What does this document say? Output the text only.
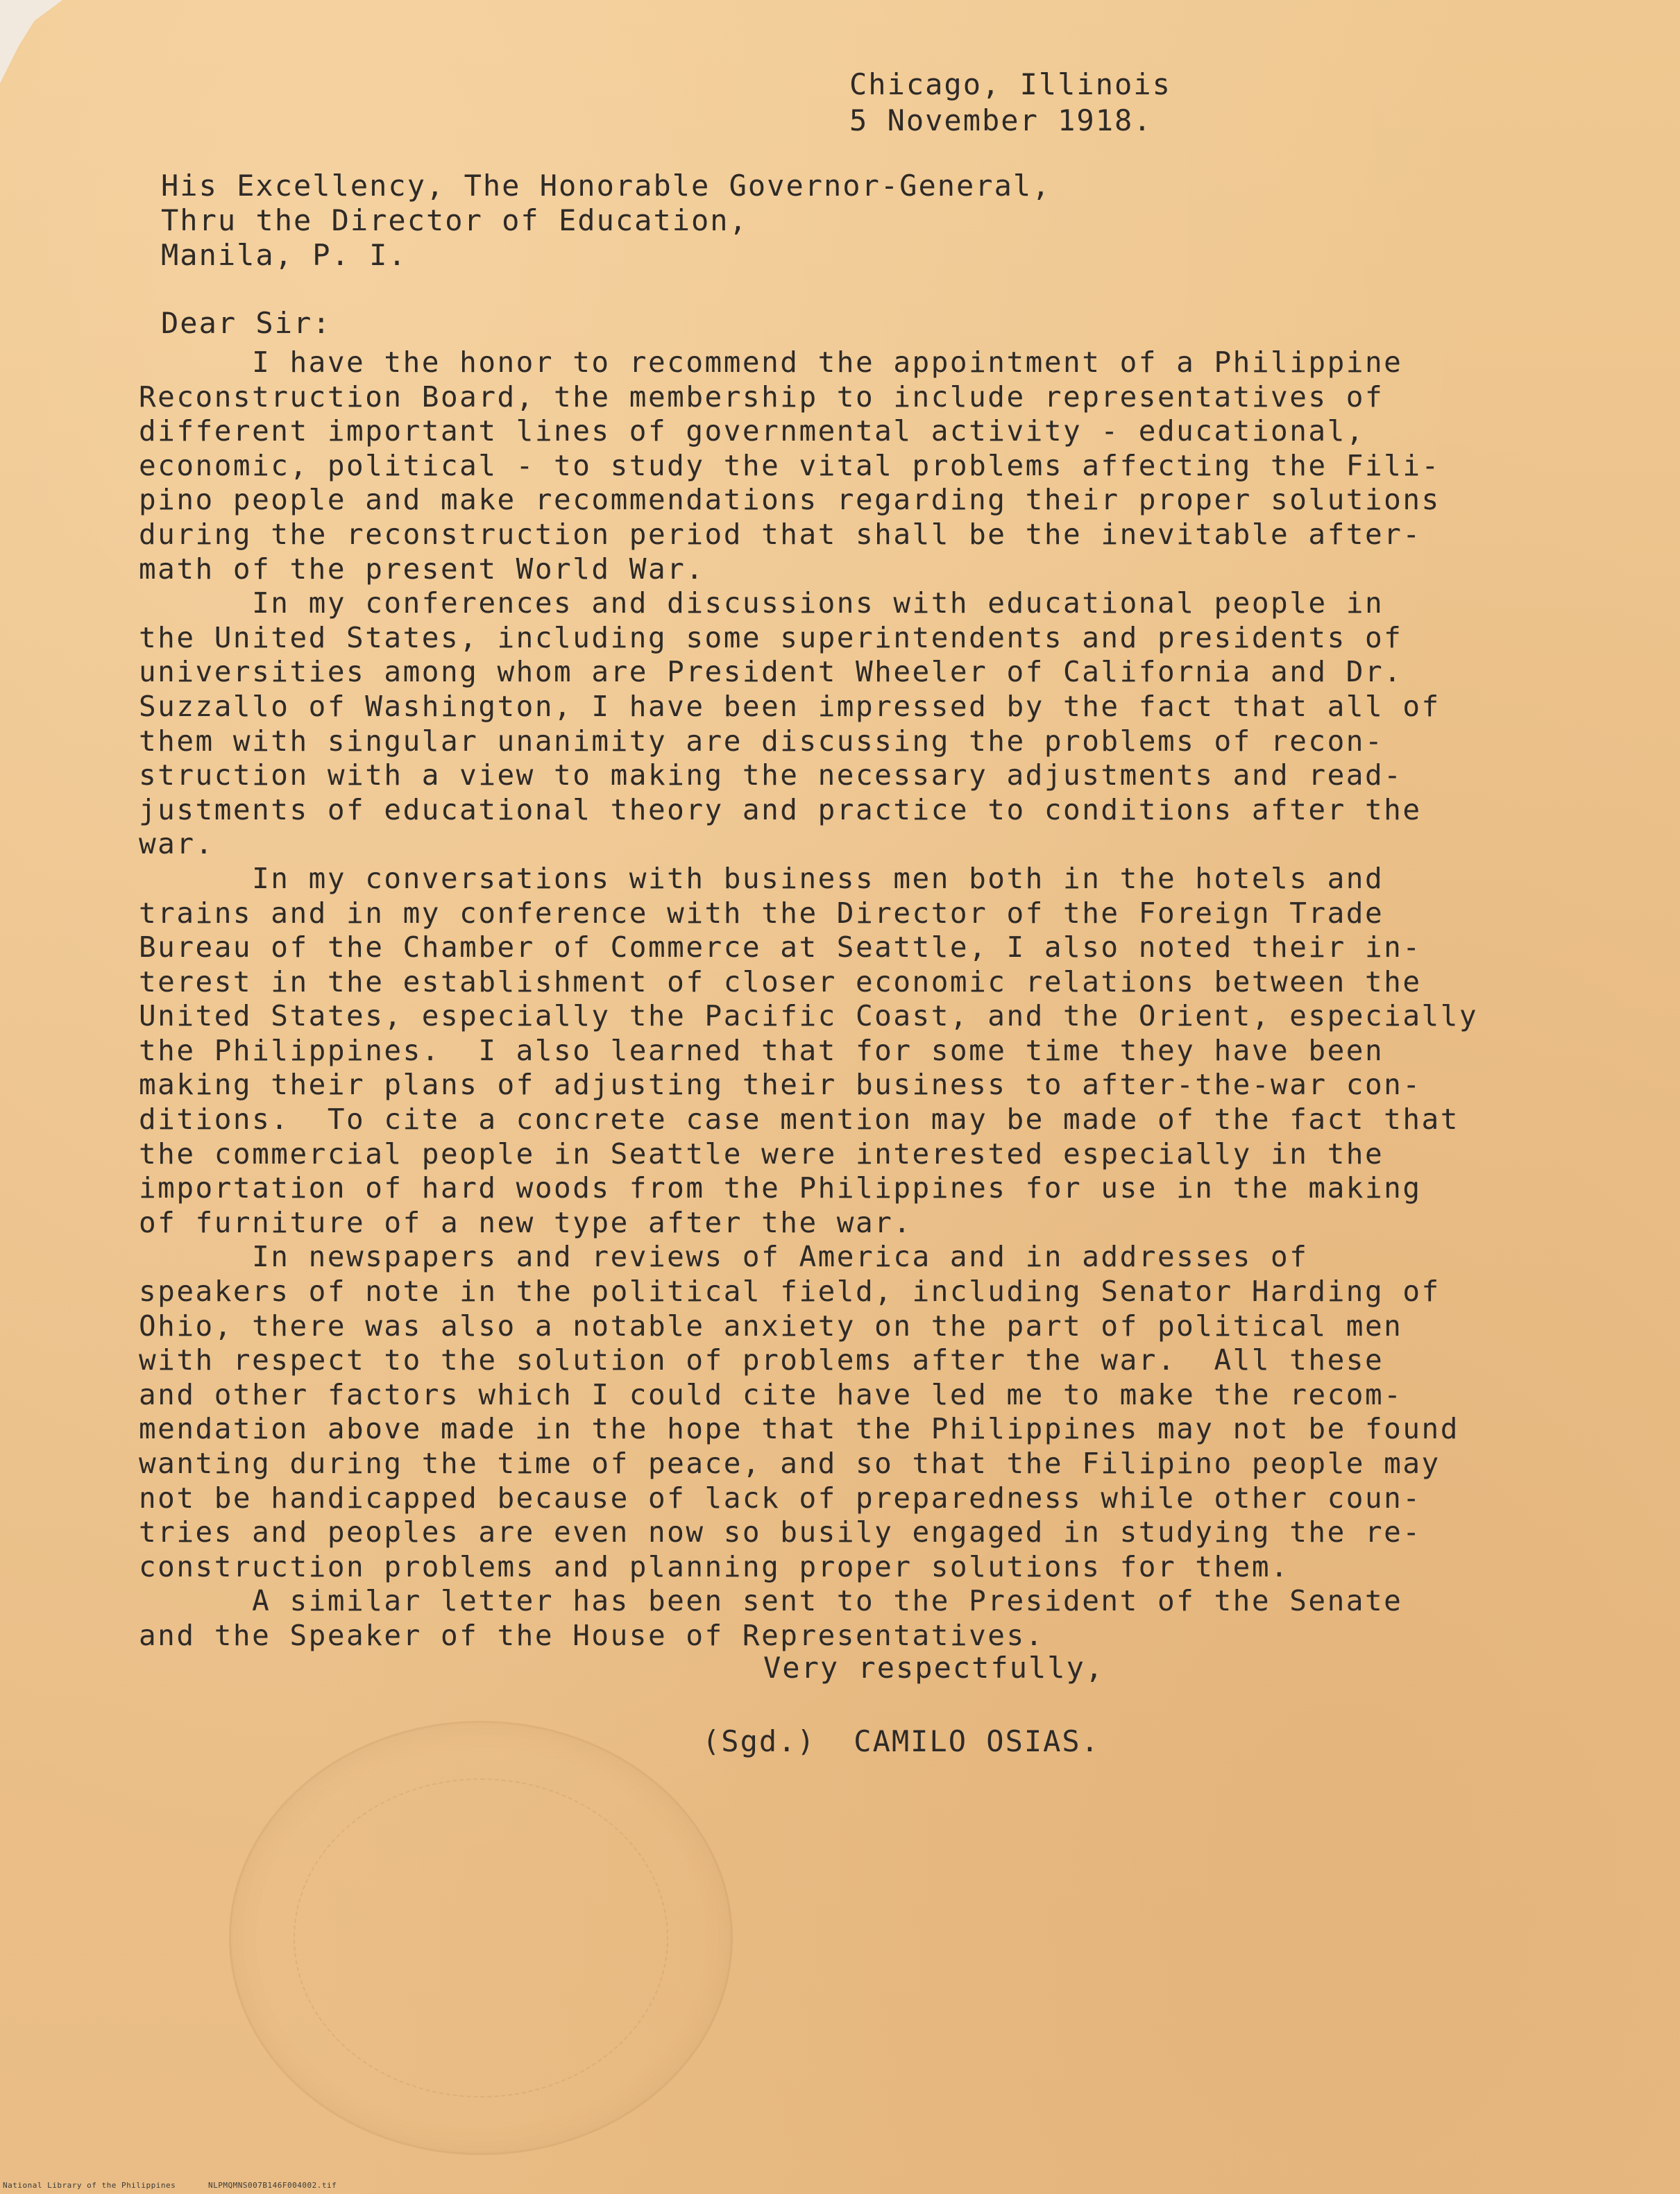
Chicago, Illinois
5 November 1918.
His Excellency, The Honorable Governor-General,
Thru the Director of Education,
Manila, P. I.
Dear Sir:
I have the honor to recommend the appointment of a Philippine
Reconstruction Board, the membership to include representatives of
different important lines of governmental activity - educational,
economic, political - to study the vital problems affecting the Fili-
pino people and make recommendations regarding their proper solutions
during the reconstruction period that shall be the inevitable after-
math of the present World War.
In my conferences and discussions with educational people in
the United States, including some superintendents and presidents of
universities among whom are President Wheeler of California and Dr.
Suzzallo of Washington, I have been impressed by the fact that all of
them with singular unanimity are discussing the problems of recon-
struction with a view to making the necessary adjustments and read-
justments of educational theory and practice to conditions after the
war.
In my conversations with business men both in the hotels and
trains and in my conference with the Director of the Foreign Trade
Bureau of the Chamber of Commerce at Seattle, I also noted their in-
terest in the establishment of closer economic relations between the
United States, especially the Pacific Coast, and the Orient, especially
the Philippines.  I also learned that for some time they have been
making their plans of adjusting their business to after-the-war con-
ditions.  To cite a concrete case mention may be made of the fact that
the commercial people in Seattle were interested especially in the
importation of hard woods from the Philippines for use in the making
of furniture of a new type after the war.
In newspapers and reviews of America and in addresses of
speakers of note in the political field, including Senator Harding of
Ohio, there was also a notable anxiety on the part of political men
with respect to the solution of problems after the war.  All these
and other factors which I could cite have led me to make the recom-
mendation above made in the hope that the Philippines may not be found
wanting during the time of peace, and so that the Filipino people may
not be handicapped because of lack of preparedness while other coun-
tries and peoples are even now so busily engaged in studying the re-
construction problems and planning proper solutions for them.
A similar letter has been sent to the President of the Senate
and the Speaker of the House of Representatives.
Very respectfully,
(Sgd.)  CAMILO OSIAS.
National Library of the Philippines	NLPMQMNS007B146F004002.tif
